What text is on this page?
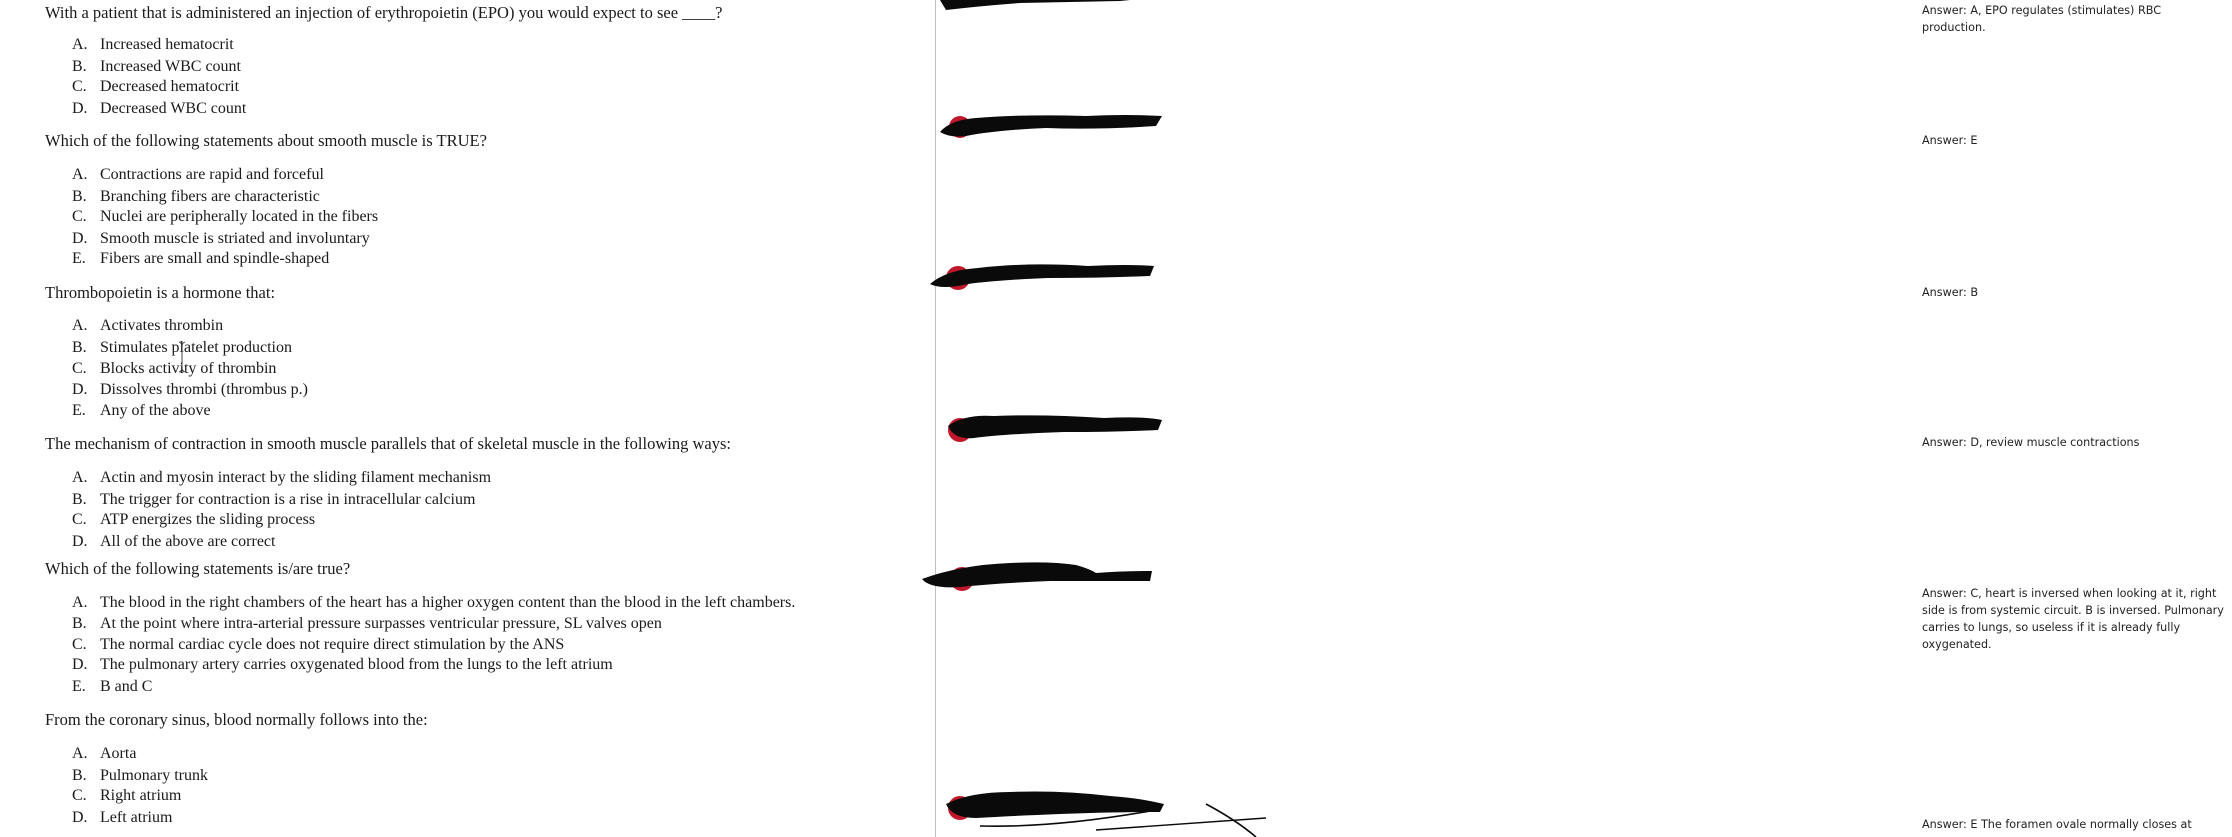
With a patient that is administered an injection of erythropoietin (EPO) you would expect to see ____?
A. Increased hematocrit
B. Increased WBC count
C. Decreased hematocrit
D. Decreased WBC count
Which of the following statements about smooth muscle is TRUE?
A. Contractions are rapid and forceful
B. Branching fibers are characteristic
C. Nuclei are peripherally located in the fibers
D. Smooth muscle is striated and involuntary
E. Fibers are small and spindle-shaped
Thrombopoietin is a hormone that:
A. Activates thrombin
B. Stimulates platelet production
C. Blocks activity of thrombin
D. Dissolves thrombi (thrombus p.)
E. Any of the above
The mechanism of contraction in smooth muscle parallels that of skeletal muscle in the following ways:
A. Actin and myosin interact by the sliding filament mechanism
B. The trigger for contraction is a rise in intracellular calcium
C. ATP energizes the sliding process
D. All of the above are correct
Which of the following statements is/are true?
A. The blood in the right chambers of the heart has a higher oxygen content than the blood in the left chambers.
B. At the point where intra-arterial pressure surpasses ventricular pressure, SL valves open
C. The normal cardiac cycle does not require direct stimulation by the ANS
D. The pulmonary artery carries oxygenated blood from the lungs to the left atrium
E. B and C
From the coronary sinus, blood normally follows into the:
A. Aorta
B. Pulmonary trunk
C. Right atrium
D. Left atrium
Answer: A, EPO regulates (stimulates) RBC
production.
Answer: E
Answer: B
Answer: D, review muscle contractions
Answer: C, heart is inversed when looking at it, right
side is from systemic circuit. B is inversed. Pulmonary
carries to lungs, so useless if it is already fully
oxygenated.
Answer: E The foramen ovale normally closes at
